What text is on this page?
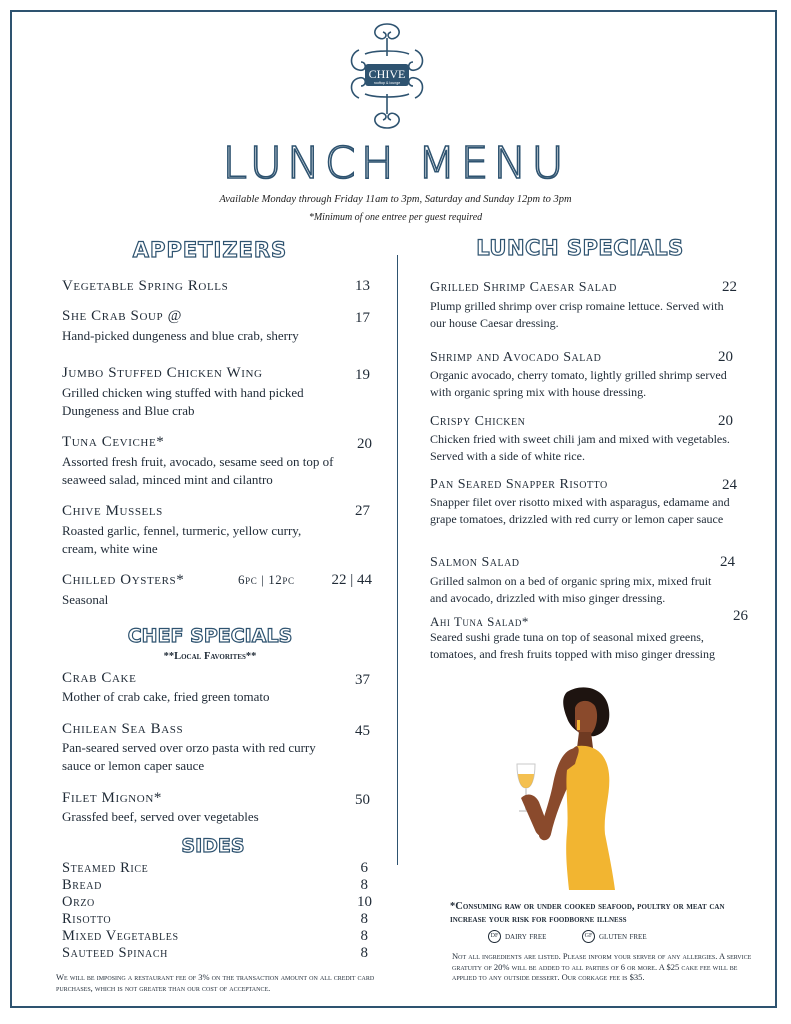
CHIVE
rooftop & lounge
LUNCH MENU
Available Monday through Friday 11am to 3pm, Saturday and Sunday 12pm to 3pm
*Minimum of one entree per guest required
APPETIZERS
Vegetable Spring Rolls	13
She Crab Soup @	17
Hand-picked dungeness and blue crab, sherry
Jumbo Stuffed Chicken Wing	19
Grilled chicken wing stuffed with hand picked Dungeness and Blue crab
Tuna Ceviche*	20
Assorted fresh fruit, avocado, sesame seed on top of seaweed salad, minced mint and cilantro
Chive Mussels	27
Roasted garlic, fennel, turmeric, yellow curry, cream, white wine
Chilled Oysters*	6pc | 12pc	22 | 44
Seasonal
CHEF SPECIALS
**Local Favorites**
Crab Cake	37
Mother of crab cake, fried green tomato
Chilean Sea Bass	45
Pan-seared served over orzo pasta with red curry sauce or lemon caper sauce
Filet Mignon*	50
Grassfed beef, served over vegetables
SIDES
Steamed Rice	6
Bread	8
Orzo	10
Risotto	8
Mixed Vegetables	8
Sauteed Spinach	8
We will be imposing a restaurant fee of 3% on the transaction amount on all credit card purchases, which is not greater than our cost of acceptance.
LUNCH SPECIALS
Grilled Shrimp Caesar Salad	22
Plump grilled shrimp over crisp romaine lettuce. Served with our house Caesar dressing.
Shrimp and Avocado Salad	20
Organic avocado, cherry tomato, lightly grilled shrimp served with organic spring mix with house dressing.
Crispy Chicken	20
Chicken fried with sweet chili jam and mixed with vegetables. Served with a side of white rice.
Pan Seared Snapper Risotto	24
Snapper filet over risotto mixed with asparagus, edamame and grape tomatoes, drizzled with red curry or lemon caper sauce
Salmon Salad	24
Grilled salmon on a bed of organic spring mix, mixed fruit and avocado, drizzled with miso ginger dressing.
Ahi Tuna Salad*	26
Seared sushi grade tuna on top of seasonal mixed greens, tomatoes, and fresh fruits topped with miso ginger dressing
*Consuming raw or under cooked seafood, poultry or meat can increase your risk for foodborne illness
DF dairy free	GF gluten free
Not all ingredients are listed. Please inform your server of any allergies. A service gratuity of 20% will be added to all parties of 6 or more. A $25 cake fee will be applied to any outside dessert. Our corkage fee is $35.
